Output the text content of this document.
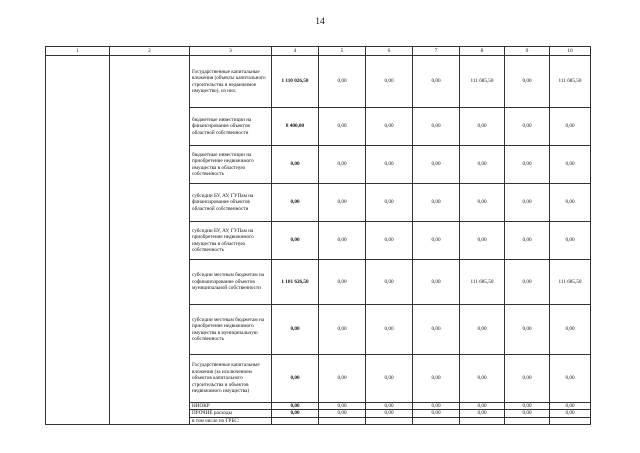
14
1	2	3	4	5	6	7	8	9	10
		Государственные капитальные вложения (объекты капитального строительства и недвижимое имущество), из них:	1 110 026,50	0,00	0,00	0,00	111 685,50	0,00	111 685,50
		бюджетные инвестиции на финансирование объектов областной собственности	8 400,00	0,00	0,00	0,00	0,00	0,00	0,00
		бюджетные инвестиции на приобретение недвижимого имущества в областную собственность	0,00	0,00	0,00	0,00	0,00	0,00	0,00
		субсидии БУ, АУ, ГУПам на финансирование объектов областной собственности	0,00	0,00	0,00	0,00	0,00	0,00	0,00
		субсидии БУ, АУ, ГУПам на приобретение недвижимого имущества в областную собственность	0,00	0,00	0,00	0,00	0,00	0,00	0,00
		субсидии местным бюджетам на софинансирование объектов муниципальной собственности	1 101 626,50	0,00	0,00	0,00	111 685,50	0,00	111 685,50
		субсидии местным бюджетам на приобретение недвижимого имущества в муниципальную собственность	0,00	0,00	0,00	0,00	0,00	0,00	0,00
		Государственные капитальные вложения (за исключением объектов капитального строительства и объектов недвижимого имущества)	0,00	0,00	0,00	0,00	0,00	0,00	0,00
		НИОКР	0,00	0,00	0,00	0,00	0,00	0,00	0,00
		ПРОЧИЕ расходы	0,00	0,00	0,00	0,00	0,00	0,00	0,00
		в том числе по ГРБС:							
